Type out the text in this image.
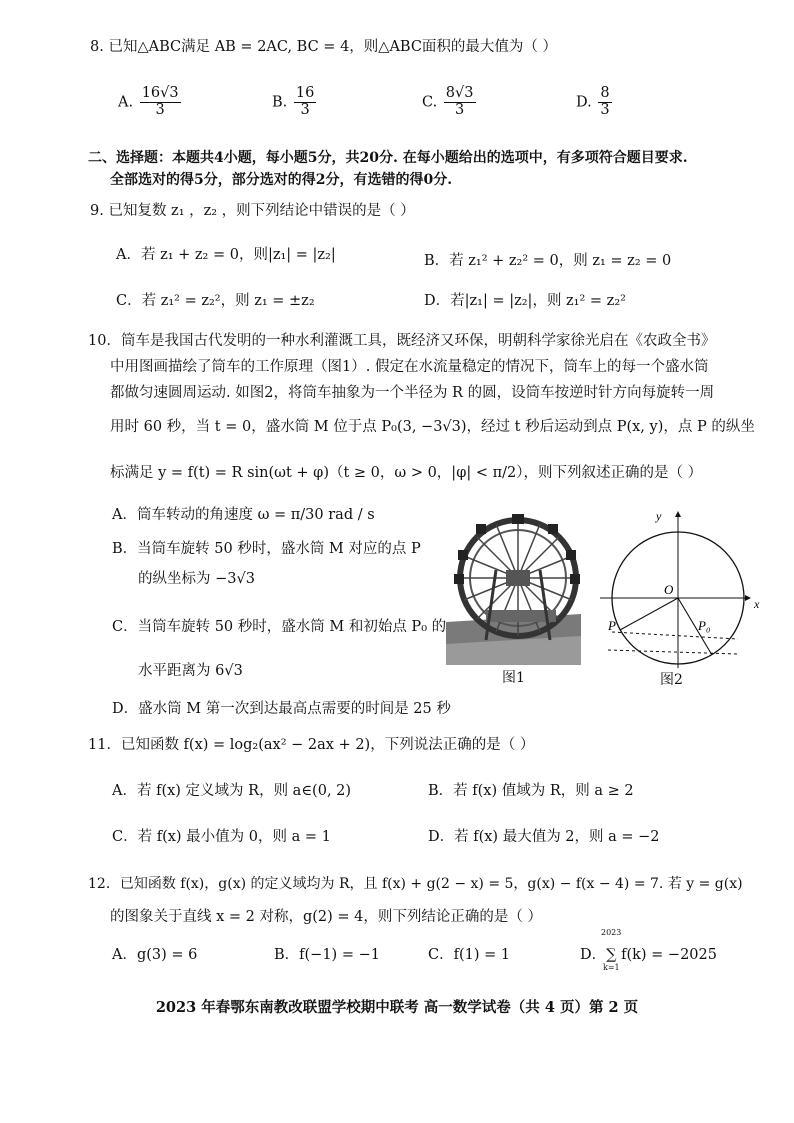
8. 已知△ABC满足 AB = 2AC, BC = 4，则△ABC面积的最大值为（ ）
A. $\frac{16√3}{3}$	B. $\frac{16}{3}$	C. $\frac{8√3}{3}$	D. $\frac{8}{3}$
二、选择题：本题共4小题，每小题5分，共20分. 在每小题给出的选项中，有多项符合题目要求.
全部选对的得5分，部分选对的得2分，有选错的得0分.
9. 已知复数 z₁ ，z₂ ，则下列结论中错误的是（ ）
A．若 z₁ + z₂ = 0，则|z₁| = |z₂|	B．若 z₁² + z₂² = 0，则 z₁ = z₂ = 0
C．若 z₁² = z₂²，则 z₁ = ±z₂	D．若|z₁| = |z₂|，则 z₁² = z₂²
10．筒车是我国古代发明的一种水利灌溉工具，既经济又环保，明朝科学家徐光启在《农政全书》
中用图画描绘了筒车的工作原理（图1）. 假定在水流量稳定的情况下，筒车上的每一个盛水筒
都做匀速圆周运动. 如图2，将筒车抽象为一个半径为 R 的圆，设筒车按逆时针方向每旋转一周
用时 60 秒，当 t = 0，盛水筒 M 位于点 P₀(3, −3√3)，经过 t 秒后运动到点 P(x, y)，点 P 的纵坐
标满足 y = f(t) = R sin(ωt + φ)（t ≥ 0，ω > 0，|φ| < π/2），则下列叙述正确的是（ ）
A．筒车转动的角速度 ω = π/30 rad / s
B．当筒车旋转 50 秒时，盛水筒 M 对应的点 P
的纵坐标为 −3√3
C．当筒车旋转 50 秒时，盛水筒 M 和初始点 P₀ 的
水平距离为 6√3
D．盛水筒 M 第一次到达最高点需要的时间是 25 秒
图1
y
x
O
P	P₀
图2
11．已知函数 f(x) = log₂(ax² − 2ax + 2)，下列说法正确的是（ ）
A．若 f(x) 定义域为 R，则 a∈(0, 2)	B．若 f(x) 值域为 R，则 a ≥ 2
C．若 f(x) 最小值为 0，则 a = 1	D．若 f(x) 最大值为 2，则 a = −2
12．已知函数 f(x)，g(x) 的定义域均为 R，且 f(x) + g(2 − x) = 5，g(x) − f(x − 4) = 7. 若 y = g(x)
的图象关于直线 x = 2 对称，g(2) = 4，则下列结论正确的是（ ）
A．g(3) = 6	B．f(−1) = −1	C．f(1) = 1	D．∑ f(k) = −2025
2023
k=1
2023 年春鄂东南教改联盟学校期中联考 高一数学试卷（共 4 页）第 2 页
